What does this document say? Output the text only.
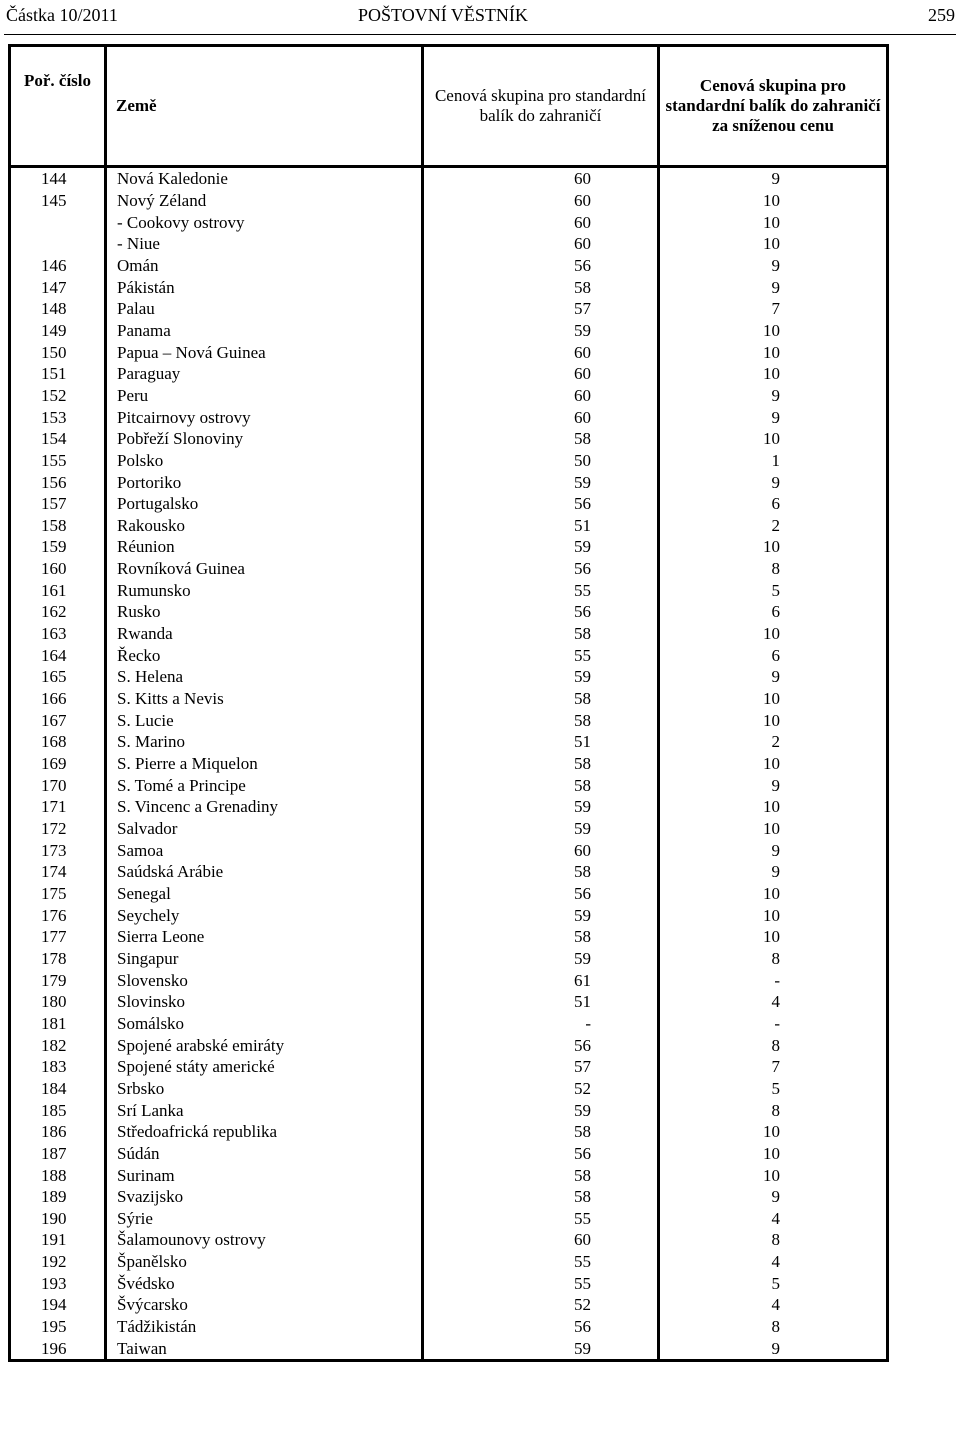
Částka 10/2011	POŠTOVNÍ VĚSTNÍK	259
Poř. číslo	Země	Cenová skupina pro standardní balík do zahraničí	Cenová skupina pro standardní balík do zahraničí za sníženou cenu
144	Nová Kaledonie	60	9
145	Nový Zéland	60	10
	- Cookovy ostrovy	60	10
	- Niue	60	10
146	Omán	56	9
147	Pákistán	58	9
148	Palau	57	7
149	Panama	59	10
150	Papua – Nová Guinea	60	10
151	Paraguay	60	10
152	Peru	60	9
153	Pitcairnovy ostrovy	60	9
154	Pobřeží Slonoviny	58	10
155	Polsko	50	1
156	Portoriko	59	9
157	Portugalsko	56	6
158	Rakousko	51	2
159	Réunion	59	10
160	Rovníková Guinea	56	8
161	Rumunsko	55	5
162	Rusko	56	6
163	Rwanda	58	10
164	Řecko	55	6
165	S. Helena	59	9
166	S. Kitts a Nevis	58	10
167	S. Lucie	58	10
168	S. Marino	51	2
169	S. Pierre a Miquelon	58	10
170	S. Tomé a Principe	58	9
171	S. Vincenc a Grenadiny	59	10
172	Salvador	59	10
173	Samoa	60	9
174	Saúdská Arábie	58	9
175	Senegal	56	10
176	Seychely	59	10
177	Sierra Leone	58	10
178	Singapur	59	8
179	Slovensko	61	-
180	Slovinsko	51	4
181	Somálsko	-	-
182	Spojené arabské emiráty	56	8
183	Spojené státy americké	57	7
184	Srbsko	52	5
185	Srí Lanka	59	8
186	Středoafrická republika	58	10
187	Súdán	56	10
188	Surinam	58	10
189	Svazijsko	58	9
190	Sýrie	55	4
191	Šalamounovy ostrovy	60	8
192	Španělsko	55	4
193	Švédsko	55	5
194	Švýcarsko	52	4
195	Tádžikistán	56	8
196	Taiwan	59	9
